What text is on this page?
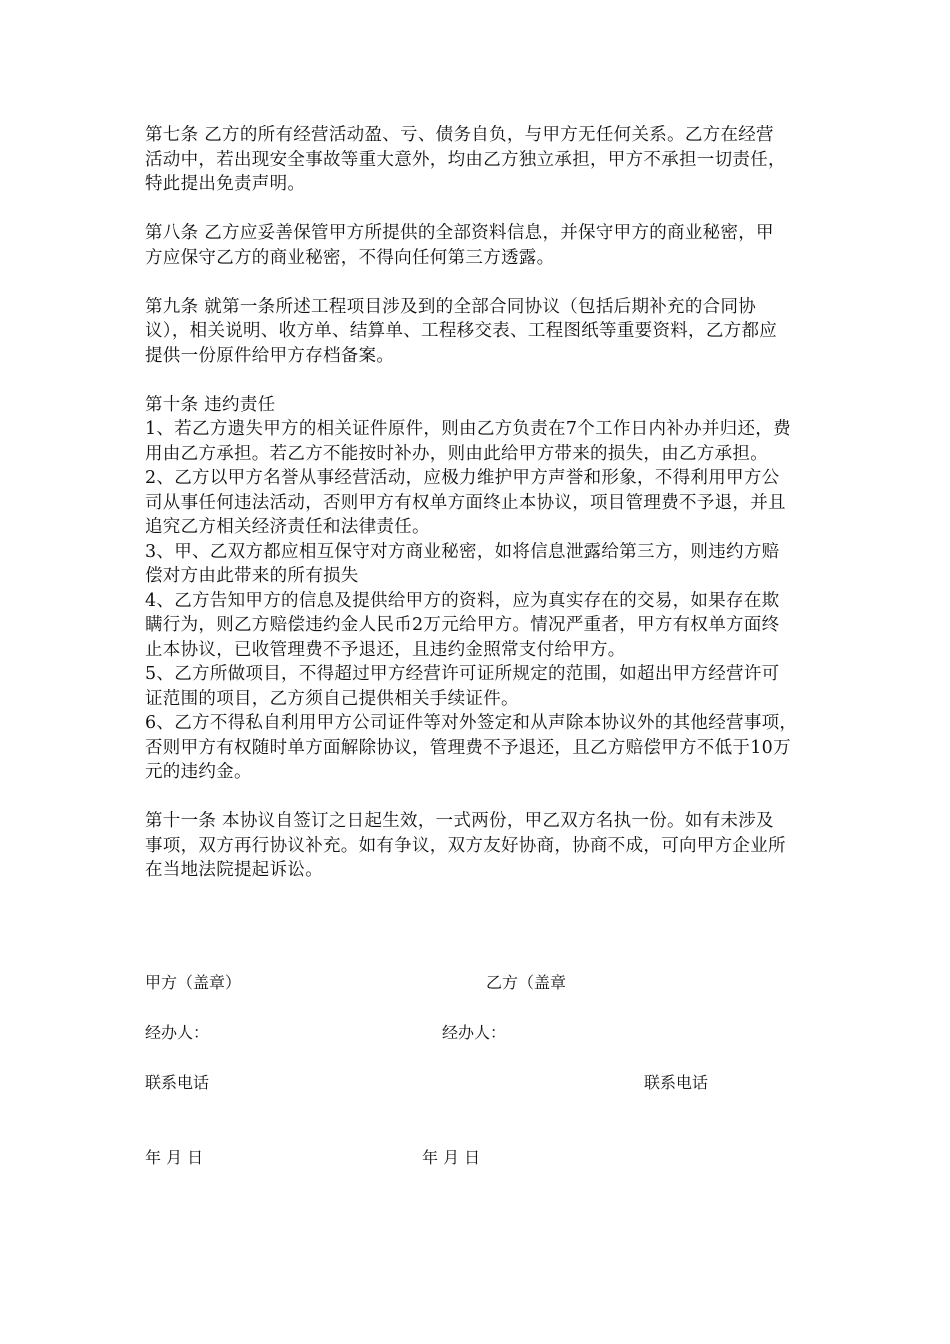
第七条 乙方的所有经营活动盈、亏、债务自负，与甲方无任何关系。乙方在经营
活动中，若出现安全事故等重大意外，均由乙方独立承担，甲方不承担一切责任，
特此提出免责声明。

第八条 乙方应妥善保管甲方所提供的全部资料信息，并保守甲方的商业秘密，甲
方应保守乙方的商业秘密，不得向任何第三方透露。

第九条 就第一条所述工程项目涉及到的全部合同协议（包括后期补充的合同协
议），相关说明、收方单、结算单、工程移交表、工程图纸等重要资料，乙方都应
提供一份原件给甲方存档备案。

第十条 违约责任
1、若乙方遗失甲方的相关证件原件，则由乙方负责在7个工作日内补办并归还，费
用由乙方承担。若乙方不能按时补办，则由此给甲方带来的损失，由乙方承担。
2、乙方以甲方名誉从事经营活动，应极力维护甲方声誉和形象，不得利用甲方公
司从事任何违法活动，否则甲方有权单方面终止本协议，项目管理费不予退，并且
追究乙方相关经济责任和法律责任。
3、甲、乙双方都应相互保守对方商业秘密，如将信息泄露给第三方，则违约方赔
偿对方由此带来的所有损失
4、乙方告知甲方的信息及提供给甲方的资料，应为真实存在的交易，如果存在欺
瞒行为，则乙方赔偿违约金人民币2万元给甲方。情况严重者，甲方有权单方面终
止本协议，已收管理费不予退还，且违约金照常支付给甲方。
5、乙方所做项目，不得超过甲方经营许可证所规定的范围，如超出甲方经营许可
证范围的项目，乙方须自己提供相关手续证件。
6、乙方不得私自利用甲方公司证件等对外签定和从声除本协议外的其他经营事项，
否则甲方有权随时单方面解除协议，管理费不予退还，且乙方赔偿甲方不低于10万
元的违约金。

第十一条 本协议自签订之日起生效，一式两份，甲乙双方名执一份。如有未涉及
事项，双方再行协议补充。如有争议，双方友好协商，协商不成，可向甲方企业所
在当地法院提起诉讼。

甲方（盖章）	乙方（盖章
经办人：	经办人：
联系电话	联系电话
年 月 日	年 月 日
